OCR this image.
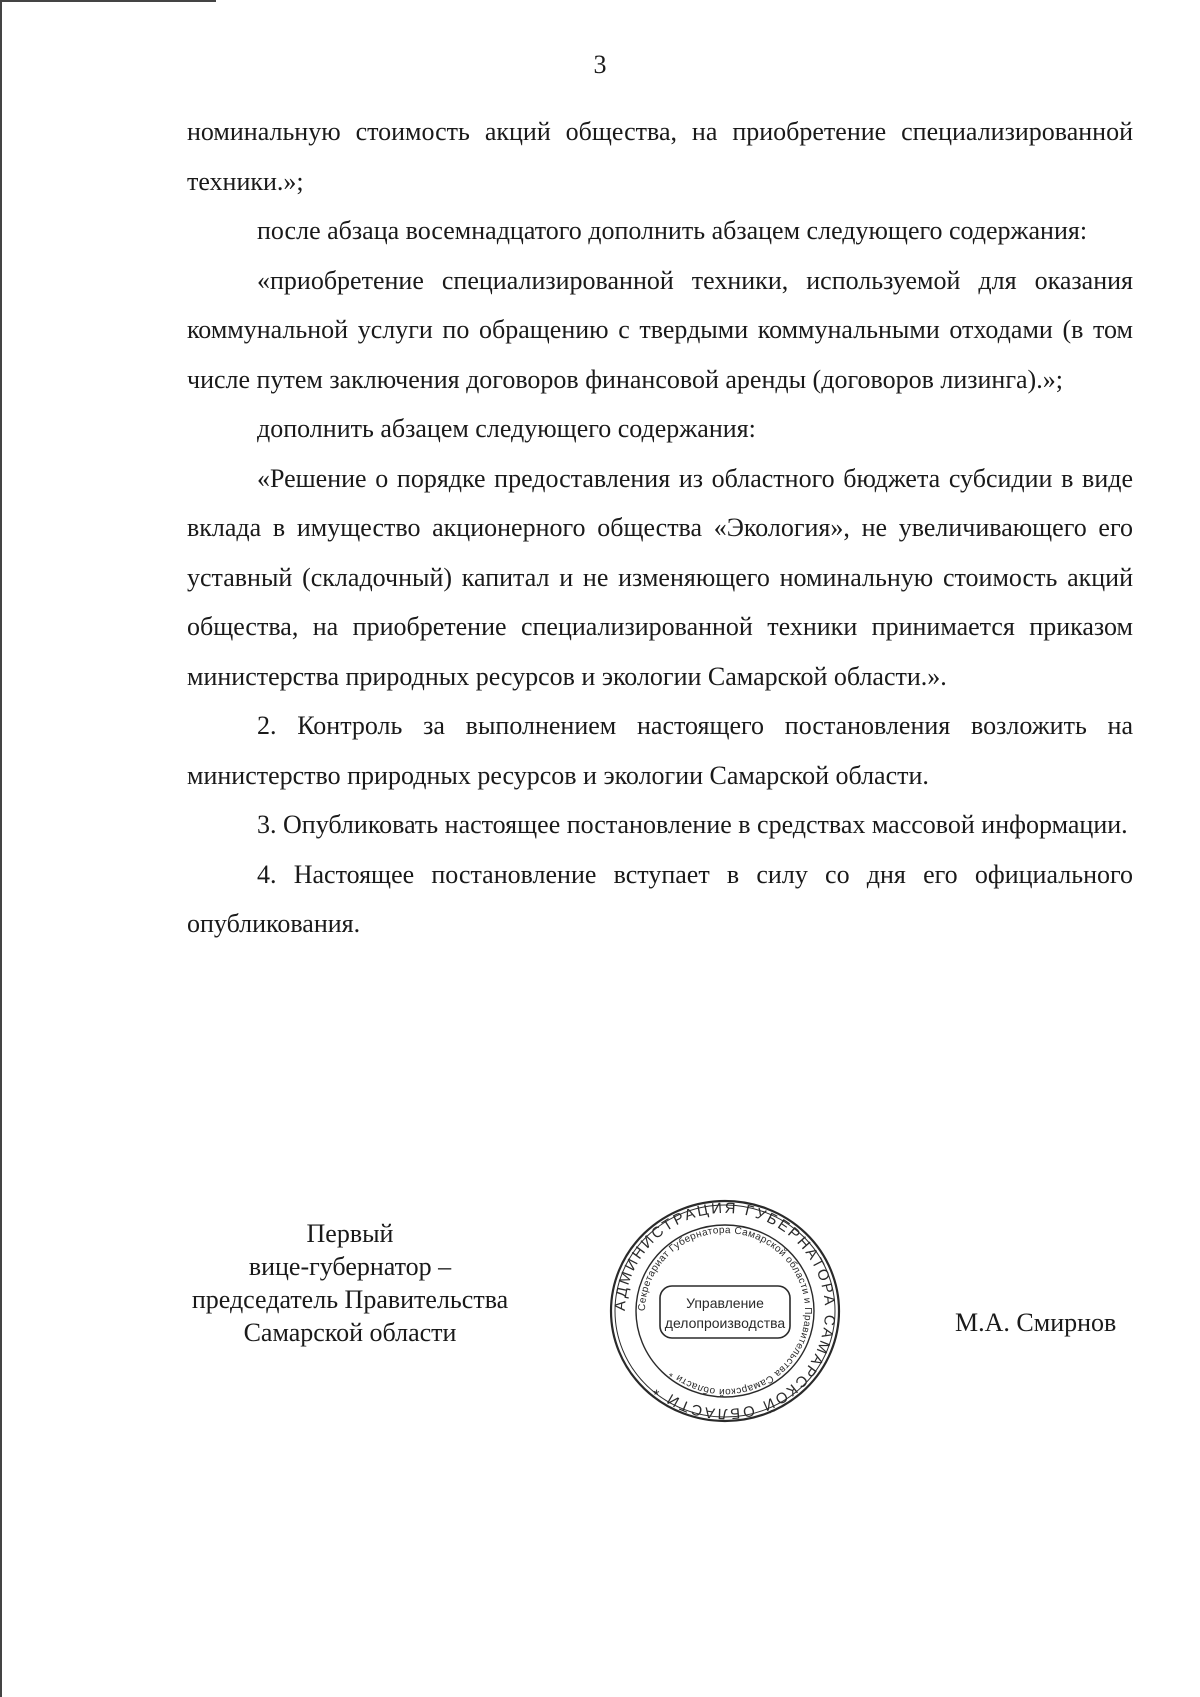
3

номинальную стоимость акций общества, на приобретение специализированной техники.»;

после абзаца восемнадцатого дополнить абзацем следующего содержания:

«приобретение специализированной техники, используемой для оказания коммунальной услуги по обращению с твердыми коммунальными отходами (в том числе путем заключения договоров финансовой аренды (договоров лизинга).»;

дополнить абзацем следующего содержания:

«Решение о порядке предоставления из областного бюджета субсидии в виде вклада в имущество акционерного общества «Экология», не увеличивающего его уставный (складочный) капитал и не изменяющего номинальную стоимость акций общества, на приобретение специализированной техники принимается приказом министерства природных ресурсов и экологии Самарской области.».

2. Контроль за выполнением настоящего постановления возложить на министерство природных ресурсов и экологии Самарской области.

3. Опубликовать настоящее постановление в средствах массовой информации.

4. Настоящее постановление вступает в силу со дня его официального опубликования.

Первый
вице-губернатор –
председатель Правительства
Самарской области
АДМИНИСТРАЦИЯ ГУБЕРНАТОРА САМАРСКОЙ ОБЛАСТИ *
Секретариат Губернатора Самарской области и Правительства Самарской области *
Управление
делопроизводства	М.А. Смирнов
